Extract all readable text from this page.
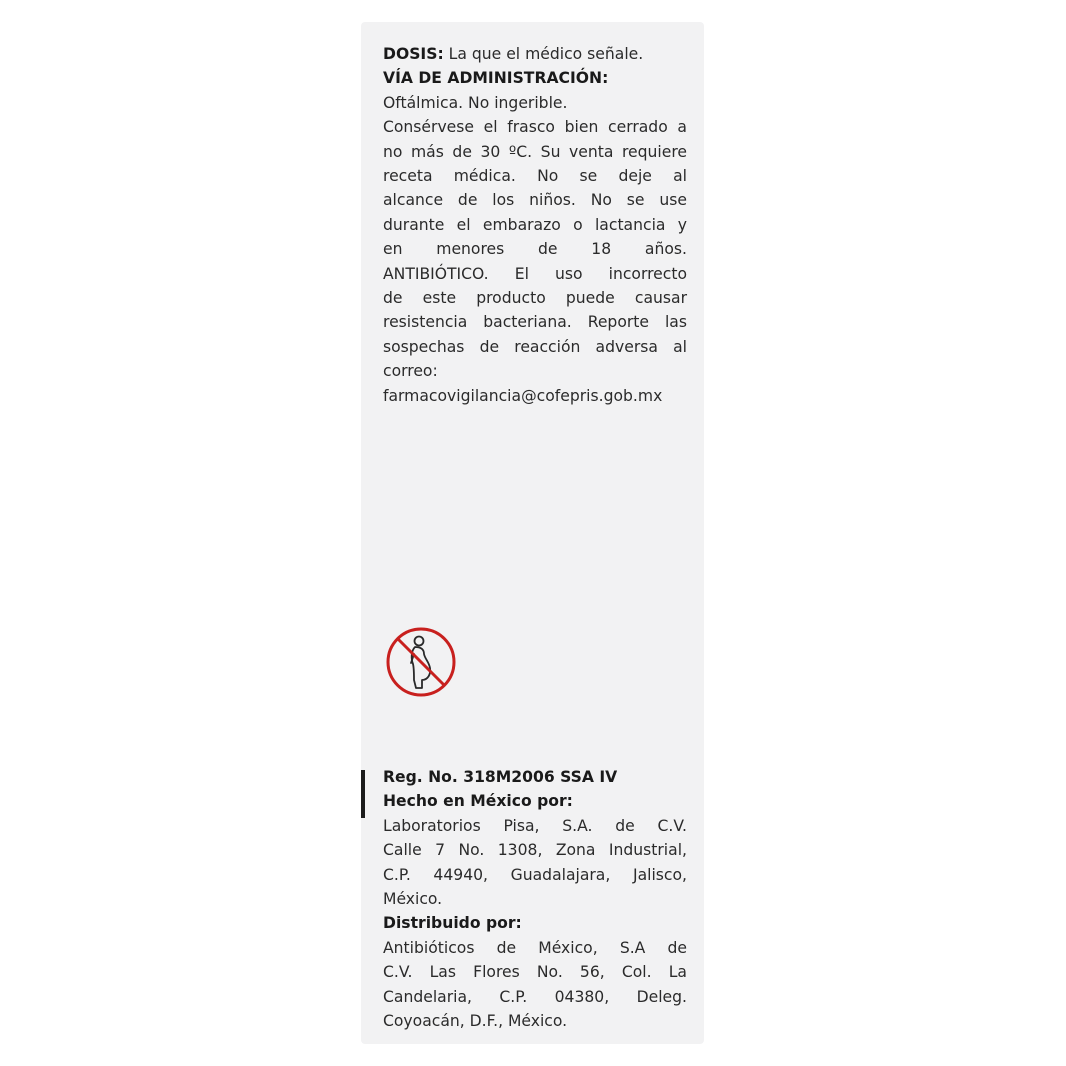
DOSIS: La que el médico señale.
VÍA DE ADMINISTRACIÓN:
Oftálmica. No ingerible.
Consérvese el frasco bien cerrado a
no más de 30 ºC. Su venta requiere
receta médica. No se deje al
alcance de los niños. No se use
durante el embarazo o lactancia y
en menores de 18 años.
ANTIBIÓTICO. El uso incorrecto
de este producto puede causar
resistencia bacteriana. Reporte las
sospechas de reacción adversa al
correo:
farmacovigilancia@cofepris.gob.mx
Reg. No. 318M2006 SSA IV
Hecho en México por:
Laboratorios Pisa, S.A. de C.V.
Calle 7 No. 1308, Zona Industrial,
C.P. 44940, Guadalajara, Jalisco,
México.
Distribuido por:
Antibióticos de México, S.A de
C.V. Las Flores No. 56, Col. La
Candelaria, C.P. 04380, Deleg.
Coyoacán, D.F., México.
